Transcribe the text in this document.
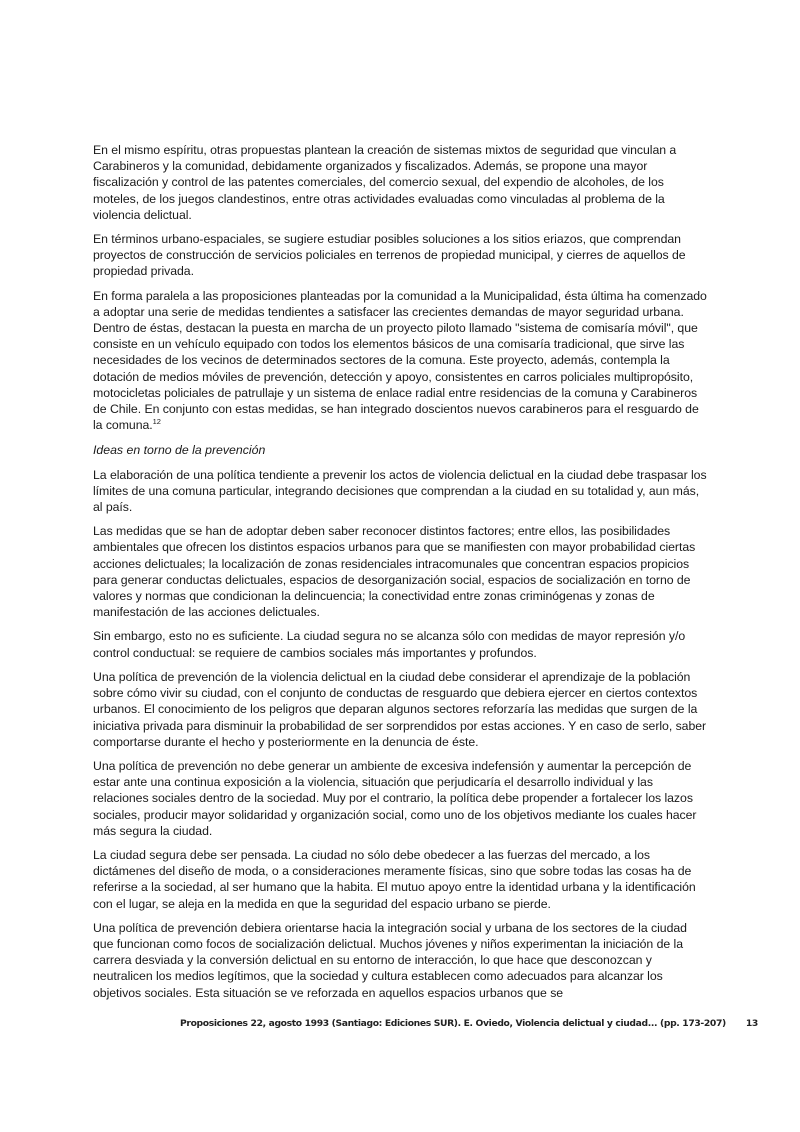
En el mismo espíritu, otras propuestas plantean la creación de sistemas mixtos de seguridad que vinculan a Carabineros y la comunidad, debidamente organizados y fiscalizados. Además, se propone una mayor fiscalización y control de las patentes comerciales, del comercio sexual, del expendio de alcoholes, de los moteles, de los juegos clandestinos, entre otras actividades evaluadas como vinculadas al problema de la violencia delictual.

En términos urbano-espaciales, se sugiere estudiar posibles soluciones a los sitios eriazos, que comprendan proyectos de construcción de servicios policiales en terrenos de propiedad municipal, y cierres de aquellos de propiedad privada.

En forma paralela a las proposiciones planteadas por la comunidad a la Municipalidad, ésta última ha comenzado a adoptar una serie de medidas tendientes a satisfacer las crecientes demandas de mayor seguridad urbana. Dentro de éstas, destacan la puesta en marcha de un proyecto piloto llamado "sistema de comisaría móvil", que consiste en un vehículo equipado con todos los elementos básicos de una comisaría tradicional, que sirve las necesidades de los vecinos de determinados sectores de la comuna. Este proyecto, además, contempla la dotación de medios móviles de prevención, detección y apoyo, consistentes en carros policiales multipropósito, motocicletas policiales de patrullaje y un sistema de enlace radial entre residencias de la comuna y Carabineros de Chile. En conjunto con estas medidas, se han integrado doscientos nuevos carabineros para el resguardo de la comuna.$^{12}$

Ideas en torno de la prevención

La elaboración de una política tendiente a prevenir los actos de violencia delictual en la ciudad debe traspasar los límites de una comuna particular, integrando decisiones que comprendan a la ciudad en su totalidad y, aun más, al país.

Las medidas que se han de adoptar deben saber reconocer distintos factores; entre ellos, las posibilidades ambientales que ofrecen los distintos espacios urbanos para que se manifiesten con mayor probabilidad ciertas acciones delictuales; la localización de zonas residenciales intracomunales que concentran espacios propicios para generar conductas delictuales, espacios de desorganización social, espacios de socialización en torno de valores y normas que condicionan la delincuencia; la conectividad entre zonas criminógenas y zonas de manifestación de las acciones delictuales.

Sin embargo, esto no es suficiente. La ciudad segura no se alcanza sólo con medidas de mayor represión y/o control conductual: se requiere de cambios sociales más importantes y profundos.

Una política de prevención de la violencia delictual en la ciudad debe considerar el aprendizaje de la población sobre cómo vivir su ciudad, con el conjunto de conductas de resguardo que debiera ejercer en ciertos contextos urbanos. El conocimiento de los peligros que deparan algunos sectores reforzaría las medidas que surgen de la iniciativa privada para disminuir la probabilidad de ser sorprendidos por estas acciones. Y en caso de serlo, saber comportarse durante el hecho y posteriormente en la denuncia de éste.

Una política de prevención no debe generar un ambiente de excesiva indefensión y aumentar la percepción de estar ante una continua exposición a la violencia, situación que perjudicaría el desarrollo individual y las relaciones sociales dentro de la sociedad. Muy por el contrario, la política debe propender a fortalecer los lazos sociales, producir mayor solidaridad y organización social, como uno de los objetivos mediante los cuales hacer más segura la ciudad.

La ciudad segura debe ser pensada. La ciudad no sólo debe obedecer a las fuerzas del mercado, a los dictámenes del diseño de moda, o a consideraciones meramente físicas, sino que sobre todas las cosas ha de referirse a la sociedad, al ser humano que la habita. El mutuo apoyo entre la identidad urbana y la identificación con el lugar, se aleja en la medida en que la seguridad del espacio urbano se pierde.

Una política de prevención debiera orientarse hacia la integración social y urbana de los sectores de la ciudad que funcionan como focos de socialización delictual. Muchos jóvenes y niños experimentan la iniciación de la carrera desviada y la conversión delictual en su entorno de interacción, lo que hace que desconozcan y neutralicen los medios legítimos, que la sociedad y cultura establecen como adecuados para alcanzar los objetivos sociales. Esta situación se ve reforzada en aquellos espacios urbanos que se

Proposiciones 22, agosto 1993 (Santiago: Ediciones SUR). E. Oviedo, Violencia delictual y ciudad... (pp. 173-207) 13
